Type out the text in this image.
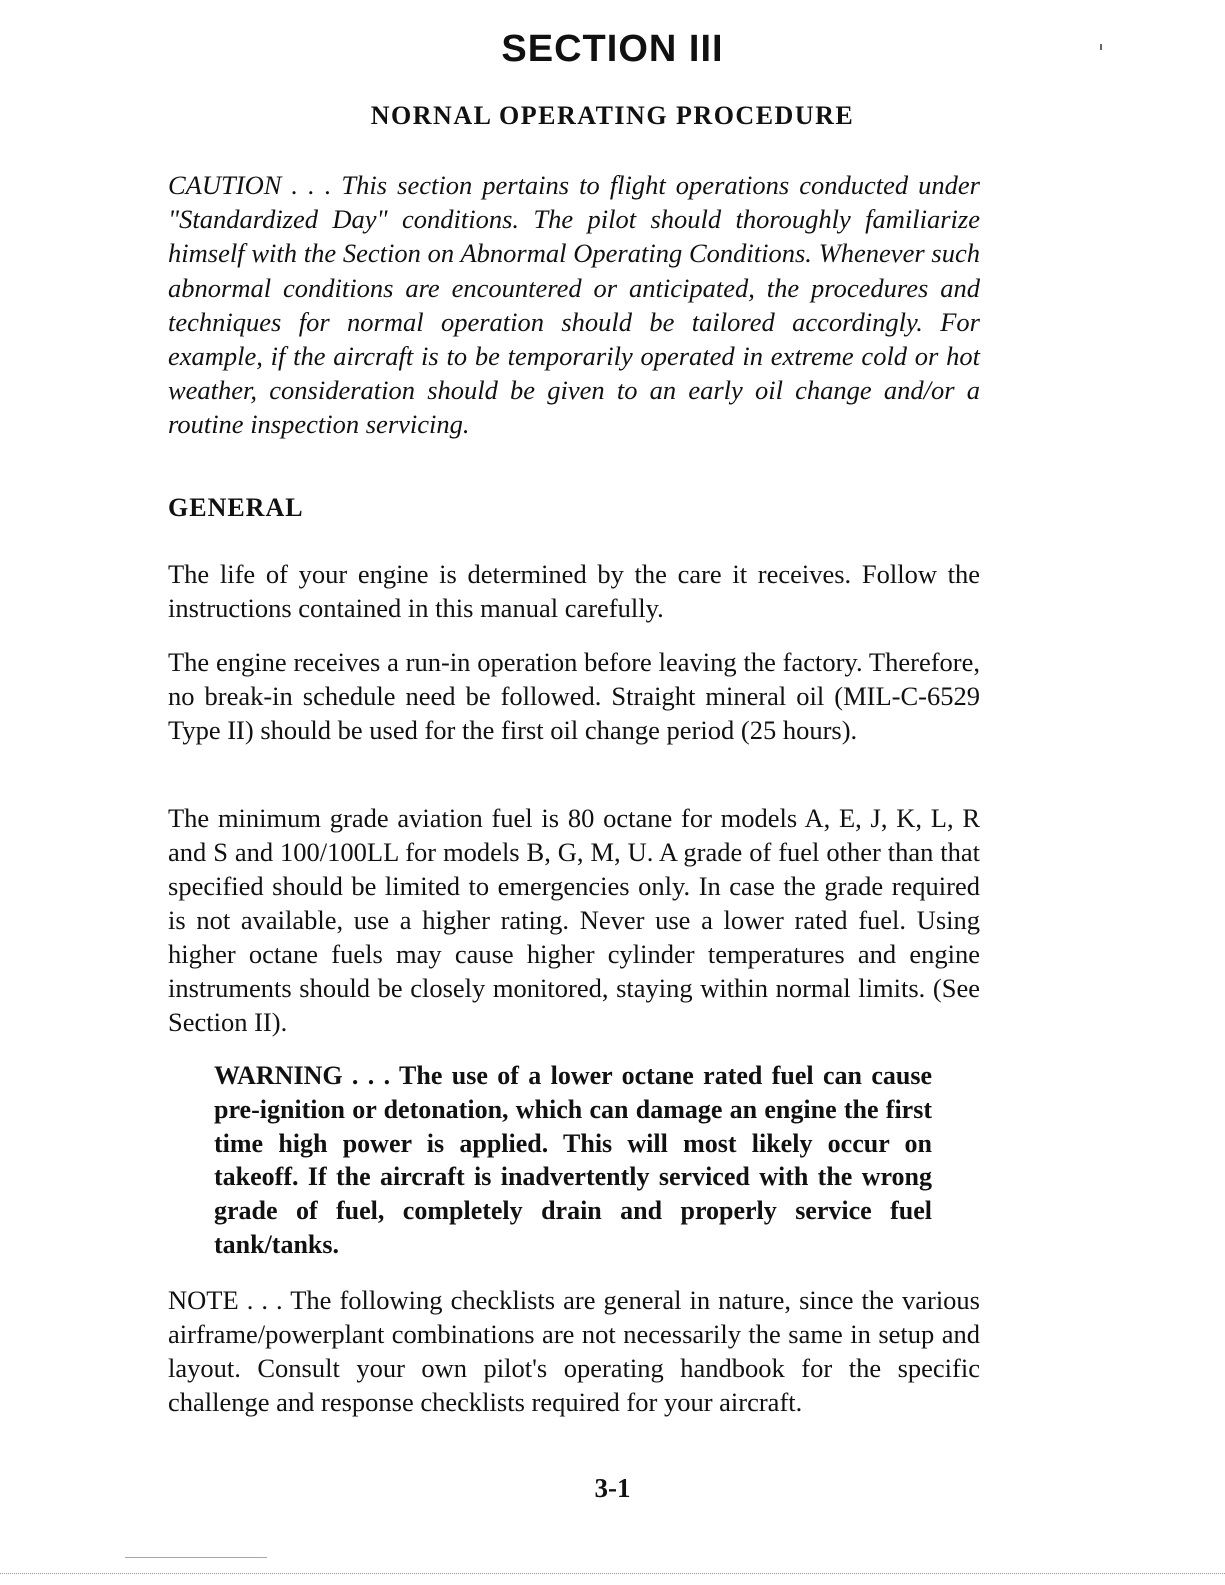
SECTION III
NORNAL OPERATING PROCEDURE

CAUTION . . . This section pertains to flight operations conducted under "Standardized Day" conditions. The pilot should thoroughly familiarize himself with the Section on Abnormal Operating Conditions. Whenever such abnormal conditions are encountered or anticipated, the procedures and techniques for normal operation should be tailored accordingly. For example, if the aircraft is to be temporarily operated in extreme cold or hot weather, consideration should be given to an early oil change and/or a routine inspection servicing.

GENERAL

The life of your engine is determined by the care it receives. Follow the instructions contained in this manual carefully.

The engine receives a run-in operation before leaving the factory. Therefore, no break-in schedule need be followed. Straight mineral oil (MIL-C-6529 Type II) should be used for the first oil change period (25 hours).

The minimum grade aviation fuel is 80 octane for models A, E, J, K, L, R and S and 100/100LL for models B, G, M, U. A grade of fuel other than that specified should be limited to emergencies only. In case the grade required is not available, use a higher rating. Never use a lower rated fuel. Using higher octane fuels may cause higher cylinder temperatures and engine instruments should be closely monitored, staying within normal limits. (See Section II).

WARNING . . . The use of a lower octane rated fuel can cause pre-ignition or detonation, which can damage an engine the first time high power is applied. This will most likely occur on takeoff. If the aircraft is inadvertently serviced with the wrong grade of fuel, completely drain and properly service fuel tank/tanks.

NOTE . . . The following checklists are general in nature, since the various airframe/powerplant combinations are not necessarily the same in setup and layout. Consult your own pilot's operating handbook for the specific challenge and response checklists required for your aircraft.

3-1
